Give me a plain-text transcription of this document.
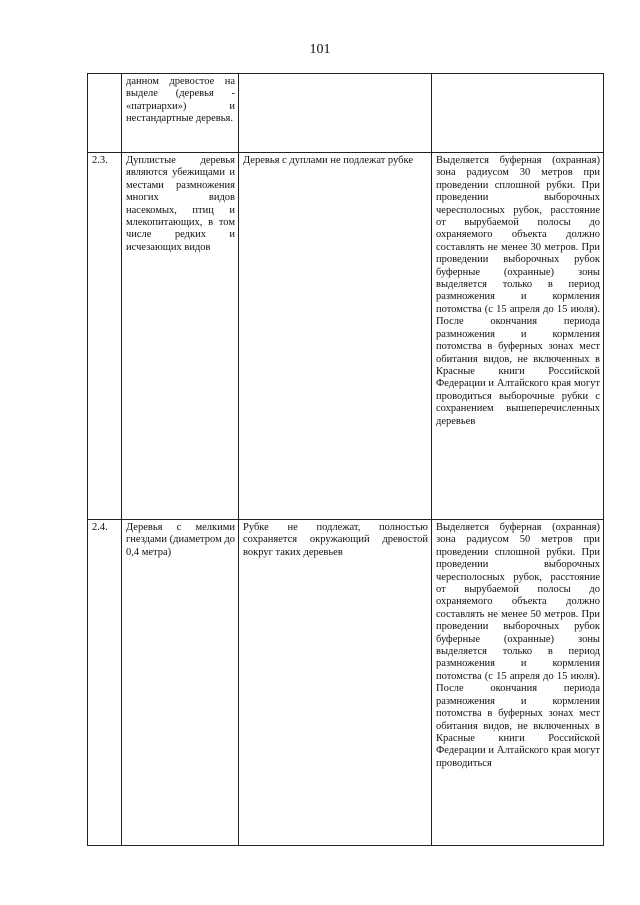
101

	данном древостое на выделе (деревья - «патриархи») и нестандартные деревья.		

2.3.	Дуплистые деревья являются убежищами и местами размножения многих видов насекомых, птиц и млекопитающих, в том числе редких и исчезающих видов	Деревья с дуплами не подлежат рубке	Выделяется буферная (охранная) зона радиусом 30 метров при проведении сплошной рубки. При проведении выборочных чересполосных рубок, расстояние от вырубаемой полосы до охраняемого объекта должно составлять не менее 30 метров. При проведении выборочных рубок буферные (охранные) зоны выделяется только в период размножения и кормления потомства (с 15 апреля до 15 июля). После окончания периода размножения и кормления потомства в буферных зонах мест обитания видов, не включенных в Красные книги Российской Федерации и Алтайского края могут проводиться выборочные рубки с сохранением вышеперечисленных деревьев

2.4.	Деревья с мелкими гнездами (диаметром до 0,4 метра)	Рубке не подлежат, полностью сохраняется окружающий древостой вокруг таких деревьев	Выделяется буферная (охранная) зона радиусом 50 метров при проведении сплошной рубки. При проведении выборочных чересполосных рубок, расстояние от вырубаемой полосы до охраняемого объекта должно составлять не менее 50 метров. При проведении выборочных рубок буферные (охранные) зоны выделяется только в период размножения и кормления потомства (с 15 апреля до 15 июля). После окончания периода размножения и кормления потомства в буферных зонах мест обитания видов, не включенных в Красные книги Российской Федерации и Алтайского края могут проводиться
